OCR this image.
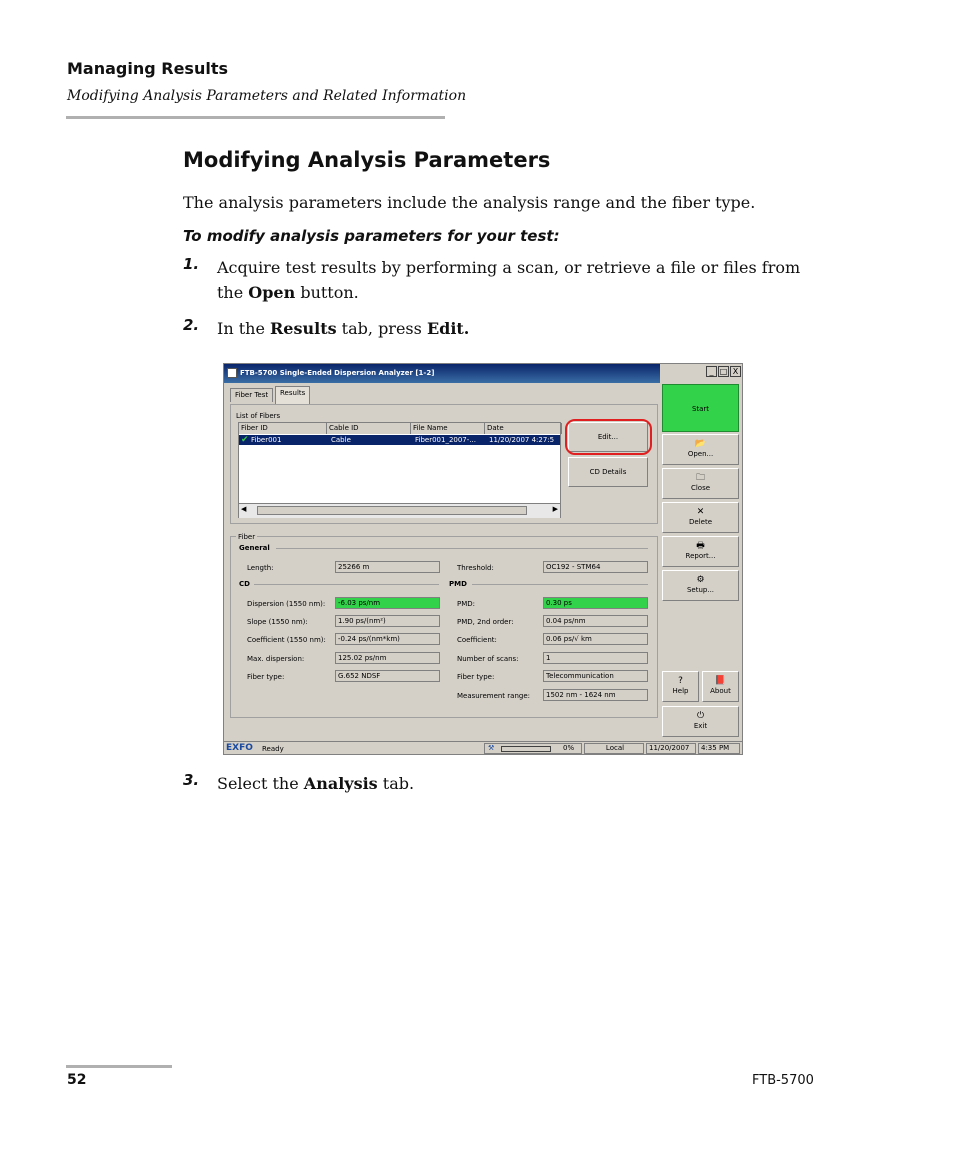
Managing Results
Modifying Analysis Parameters and Related Information
Modifying Analysis Parameters
The analysis parameters include the analysis range and the fiber type.
To modify analysis parameters for your test:
1. Acquire test results by performing a scan, or retrieve a file or files from the Open button.
2. In the Results tab, press Edit.
FTB-5700 Single-Ended Dispersion Analyzer [1-2]	_ □ X
Fiber Test	Results
List of Fibers
Fiber ID	Cable ID	File Name	Date
✔ Fiber001	Cable	Fiber001_2007-... 11/20/2007 4:27:5
◀	▶
Edit...
CD Details
Start
📂
Open...
🗀
Close
✕
Delete
🖶
Report...
⚙
Setup...
?
Help
📕
About
⏻
Exit
Fiber
General
Length:	25266 m	Threshold:	OC192 - STM64
CD	PMD
Dispersion (1550 nm):	-6.03 ps/nm
Slope (1550 nm):	1.90 ps/(nm²)
Coefficient (1550 nm):	-0.24 ps/(nm*km)
Max. dispersion:	125.02 ps/nm
Fiber type:	G.652 NDSF
PMD:	0.30 ps
PMD, 2nd order:	0.04 ps/nm
Coefficient:	0.06 ps/√ km
Number of scans:	1
Fiber type:	Telecommunication
Measurement range:	1502 nm - 1624 nm
EXFO Ready	⚒	0%	Local	11/20/2007	4:35 PM
3. Select the Analysis tab.
52	FTB-5700
